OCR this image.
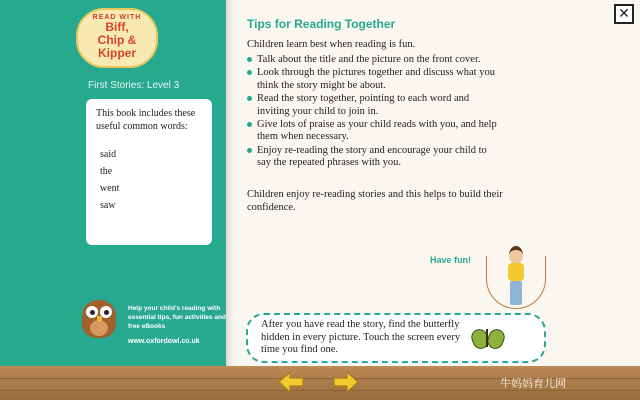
READ WITH
Biff,
Chip &
Kipper
First Stories: Level 3
This book includes these useful common words:
said
the
went
saw
Help your child's reading with essential tips, fun activities and free eBooks
www.oxfordowl.co.uk
Tips for Reading Together
Children learn best when reading is fun.
Talk about the title and the picture on the front cover.
Look through the pictures together and discuss what you think the story might be about.
Read the story together, pointing to each word and inviting your child to join in.
Give lots of praise as your child reads with you, and help them when necessary.
Enjoy re-reading the story and encourage your child to say the repeated phrases with you.
Children enjoy re-reading stories and this helps to build their confidence.
Have fun!
After you have read the story, find the butterfly hidden in every picture. Touch the screen every time you find one.
✕
牛妈妈育儿网
